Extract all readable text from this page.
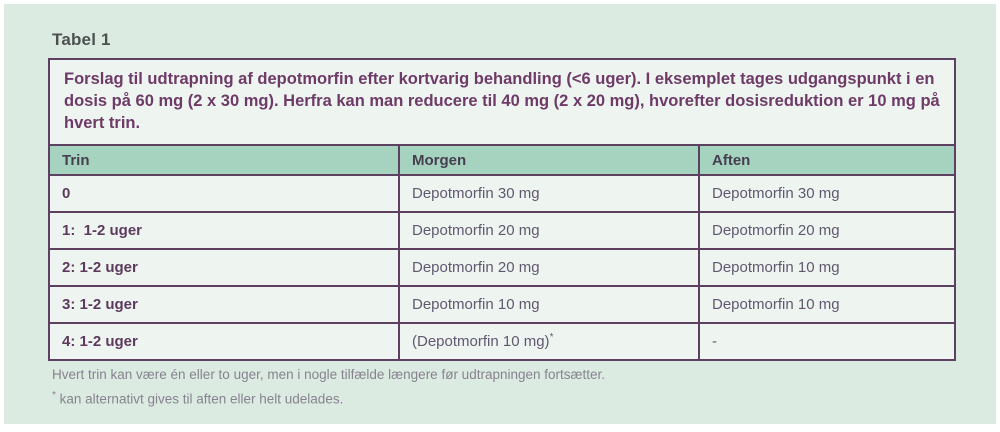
Tabel 1
Forslag til udtrapning af depotmorfin efter kortvarig behandling (<6 uger). I eksemplet tages udgangspunkt i en dosis på 60 mg (2 x 30 mg). Herfra kan man reducere til 40 mg (2 x 20 mg), hvorefter dosisreduktion er 10 mg på hvert trin.		
Trin	Morgen	Aften
0	Depotmorfin 30 mg	Depotmorfin 30 mg
1:  1-2 uger	Depotmorfin 20 mg	Depotmorfin 20 mg
2: 1-2 uger	Depotmorfin 20 mg	Depotmorfin 10 mg
3: 1-2 uger	Depotmorfin 10 mg	Depotmorfin 10 mg
4: 1-2 uger	(Depotmorfin 10 mg)*	-
Hvert trin kan være én eller to uger, men i nogle tilfælde længere før udtrapningen fortsætter.
* kan alternativt gives til aften eller helt udelades.
